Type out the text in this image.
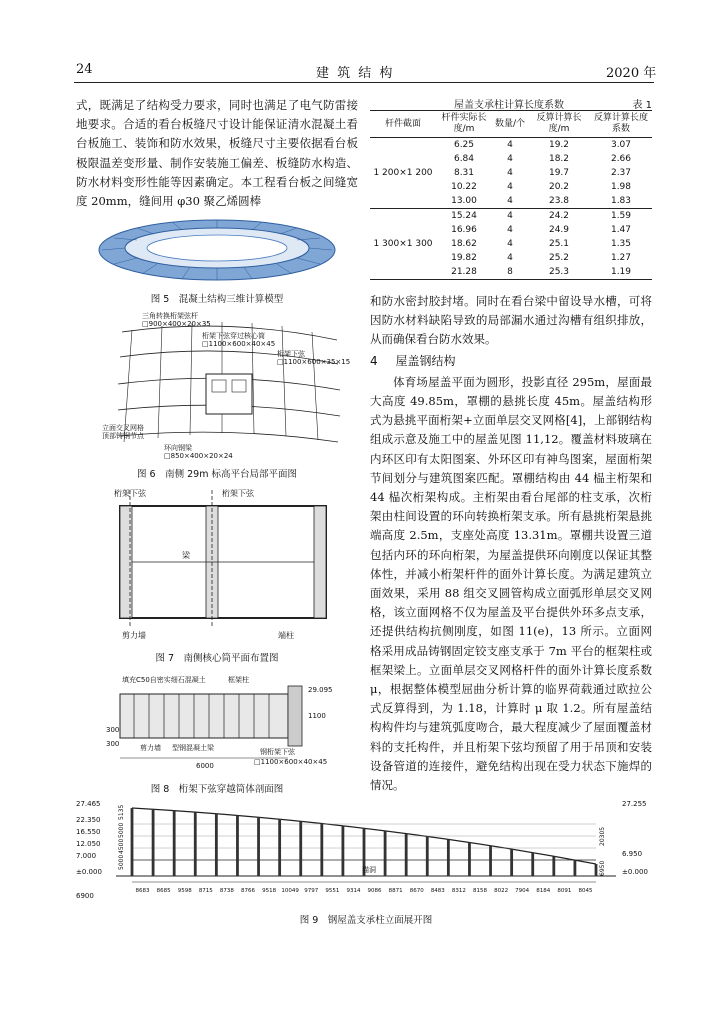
24	建 筑 结 构	2020 年

式，既满足了结构受力要求，同时也满足了电气防雷接地要求。合适的看台板缝尺寸设计能保证清水混凝土看台板施工、装饰和防水效果，板缝尺寸主要依据看台板极限温差变形量、制作安装施工偏差、板缝防水构造、防水材料变形性能等因素确定。本工程看台板之间缝宽度 20mm，缝间用 φ30 聚乙烯圆棒

图 5　混凝土结构三维计算模型
三角转换桁架弦杆
□900×400×20×35
桁架下弦穿过核心筒
□1100×600×40×45
桁架下弦
□1100×600×35×15
立面交叉网格
顶部铸钢节点
环向钢梁
□850×400×20×24
图 6　南侧 29m 标高平台局部平面图
桁架下弦	桁架下弦
梁
剪力墙	端柱
图 7　南侧核心筒平面布置图
填充C50自密实细石混凝土	框架柱
29.095
1100
300
剪力墙 型钢混凝土梁	钢桁架下弦
□1100×600×40×45
6000
300
图 8　桁架下弦穿越筒体剖面图
屋盖支承柱计算长度系数	表 1
杆件截面	杆件实际长度/m	数量/个	反算计算长度/m	反算计算长度系数
1 200×1 200	6.25	4	19.2	3.07
	6.84	4	18.2	2.66
	8.31	4	19.7	2.37
	10.22	4	20.2	1.98
	13.00	4	23.8	1.83
1 300×1 300	15.24	4	24.2	1.59
	16.96	4	24.9	1.47
	18.62	4	25.1	1.35
	19.82	4	25.2	1.27
	21.28	8	25.3	1.19

和防水密封胶封堵。同时在看台梁中留设导水槽，可将因防水材料缺陷导致的局部漏水通过沟槽有组织排放，从而确保看台防水效果。

4 屋盖钢结构

体育场屋盖平面为圆形，投影直径 295m，屋面最大高度 49.85m，罩棚的悬挑长度 45m。屋盖结构形式为悬挑平面桁架+立面单层交叉网格[4]，上部钢结构组成示意及施工中的屋盖见图 11,12。覆盖材料玻璃在内环区印有太阳图案、外环区印有神鸟图案，屋面桁架节间划分与建筑图案匹配。罩棚结构由 44 榀主桁架和 44 榀次桁架构成。主桁架由看台尾部的柱支承，次桁架由柱间设置的环向转换桁架支承。所有悬挑桁架悬挑端高度 2.5m，支座处高度 13.31m。罩棚共设置三道包括内环的环向桁架，为屋盖提供环向刚度以保证其整体性，并减小桁架杆件的面外计算长度。为满足建筑立面效果，采用 88 组交叉圆管构成立面弧形单层交叉网格，该立面网格不仅为屋盖及平台提供外环多点支承，还提供结构抗侧刚度，如图 11(e)，13 所示。立面网格采用成品铸钢固定铰支座支承于 7m 平台的框架柱或框架梁上。立面单层交叉网格杆件的面外计算长度系数 μ，根据整体模型屈曲分析计算的临界荷载通过欧拉公式反算得到，为 1.18，计算时 μ 取 1.2。所有屋盖结构构件均与建筑弧度吻合，最大程度减少了屋面覆盖材料的支托构件，并且桁架下弦均预留了用于吊顶和安装设备管道的连接件，避免结构出现在受力状态下施焊的情况。

27.465
22.350
16.550
12.050
7.000
±0.000
6900
27.255
6.950
±0.000
5135
5000
4500
5000
20305
6950
猫洞
8683 8685 9598 8715 8738 8766 9518 10049 9797 9551 9314 9086 8871 8670 8483 8312 8158 8022 7904 8184 8091 8045
图 9　钢屋盖支承柱立面展开图
